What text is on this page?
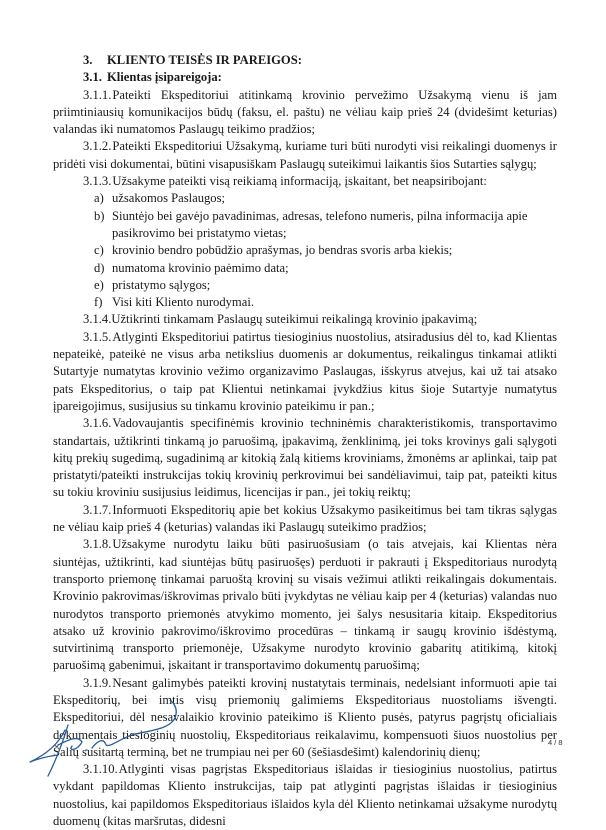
3. KLIENTO TEISĖS IR PAREIGOS:

3.1. Klientas įsipareigoja:

3.1.1.Pateikti Ekspeditoriui atitinkamą krovinio pervežimo Užsakymą vienu iš jam priimtiniausių komunikacijos būdų (faksu, el. paštu) ne vėliau kaip prieš 24 (dvidešimt keturias) valandas iki numatomos Paslaugų teikimo pradžios;

3.1.2.Pateikti Ekspeditoriui Užsakymą, kuriame turi būti nurodyti visi reikalingi duomenys ir pridėti visi dokumentai, būtini visapusiškam Paslaugų suteikimui laikantis šios Sutarties sąlygų;

3.1.3.Užsakyme pateikti visą reikiamą informaciją, įskaitant, bet neapsiribojant:

a) užsakomos Paslaugos;

b) Siuntėjo bei gavėjo pavadinimas, adresas, telefono numeris, pilna informacija apie pasikrovimo bei pristatymo vietas;

c) krovinio bendro pobūdžio aprašymas, jo bendras svoris arba kiekis;

d) numatoma krovinio paėmimo data;

e) pristatymo sąlygos;

f) Visi kiti Kliento nurodymai.

3.1.4.Užtikrinti tinkamam Paslaugų suteikimui reikalingą krovinio įpakavimą;

3.1.5.Atlyginti Ekspeditoriui patirtus tiesioginius nuostolius, atsiradusius dėl to, kad Klientas nepateikė, pateikė ne visus arba netikslius duomenis ar dokumentus, reikalingus tinkamai atlikti Sutartyje numatytas krovinio vežimo organizavimo Paslaugas, išskyrus atvejus, kai už tai atsako pats Ekspeditorius, o taip pat Klientui netinkamai įvykdžius kitus šioje Sutartyje numatytus įpareigojimus, susijusius su tinkamu krovinio pateikimu ir pan.;

3.1.6.Vadovaujantis specifinėmis krovinio techninėmis charakteristikomis, transportavimo standartais, užtikrinti tinkamą jo paruošimą, įpakavimą, ženklinimą, jei toks krovinys gali sąlygoti kitų prekių sugedimą, sugadinimą ar kitokią žalą kitiems kroviniams, žmonėms ar aplinkai, taip pat pristatyti/pateikti instrukcijas tokių krovinių perkrovimui bei sandėliavimui, taip pat, pateikti kitus su tokiu kroviniu susijusius leidimus, licencijas ir pan., jei tokių reiktų;

3.1.7.Informuoti Ekspeditorių apie bet kokius Užsakymo pasikeitimus bei tam tikras sąlygas ne vėliau kaip prieš 4 (keturias) valandas iki Paslaugų suteikimo pradžios;

3.1.8.Užsakyme nurodytu laiku būti pasiruošusiam (o tais atvejais, kai Klientas nėra siuntėjas, užtikrinti, kad siuntėjas būtų pasiruošęs) perduoti ir pakrauti į Ekspeditoriaus nurodytą transporto priemonę tinkamai paruoštą krovinį su visais vežimui atlikti reikalingais dokumentais. Krovinio pakrovimas/iškrovimas privalo būti įvykdytas ne vėliau kaip per 4 (keturias) valandas nuo nurodytos transporto priemonės atvykimo momento, jei šalys nesusitaria kitaip. Ekspeditorius atsako už krovinio pakrovimo/iškrovimo procedūras – tinkamą ir saugų krovinio išdėstymą, sutvirtinimą transporto priemonėje, Užsakyme nurodyto krovinio gabaritų atitikimą, kitokį paruošimą gabenimui, įskaitant ir transportavimo dokumentų paruošimą;

3.1.9.Nesant galimybės pateikti krovinį nustatytais terminais, nedelsiant informuoti apie tai Ekspeditorių, bei imtis visų priemonių galimiems Ekspeditoriaus nuostoliams išvengti. Ekspeditoriui, dėl nesavalaikio krovinio pateikimo iš Kliento pusės, patyrus pagrįstų oficialiais dokumentais tiesioginių nuostolių, Ekspeditoriaus reikalavimu, kompensuoti šiuos nuostolius per Šalių susitartą terminą, bet ne trumpiau nei per 60 (šešiasdešimt) kalendorinių dienų;

3.1.10.Atlyginti visas pagrįstas Ekspeditoriaus išlaidas ir tiesioginius nuostolius, patirtus vykdant papildomas Kliento instrukcijas, taip pat atlyginti pagrįstas išlaidas ir tiesioginius nuostolius, kai papildomos Ekspeditoriaus išlaidos kyla dėl Kliento netinkamai užsakyme nurodytų duomenų (kitas maršrutas, didesni

4 / 8
